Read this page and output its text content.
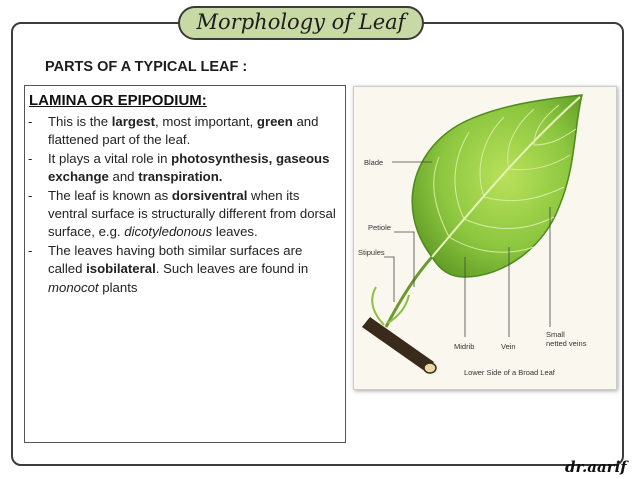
Morphology of Leaf
PARTS OF A TYPICAL LEAF :
LAMINA OR EPIPODIUM:
- This is the largest, most important, green and flattened part of the leaf.
- It plays a vital role in photosynthesis, gaseous exchange and transpiration.
- The leaf is known as dorsiventral when its ventral surface is structurally different from dorsal surface, e.g. dicotyledonous leaves.
- The leaves having both similar surfaces are called isobilateral. Such leaves are found in monocot plants
Blade
Petiole
Stipules
Midrib	Vein
Small
netted veins
Lower Side of a Broad Leaf
dr.aarif
